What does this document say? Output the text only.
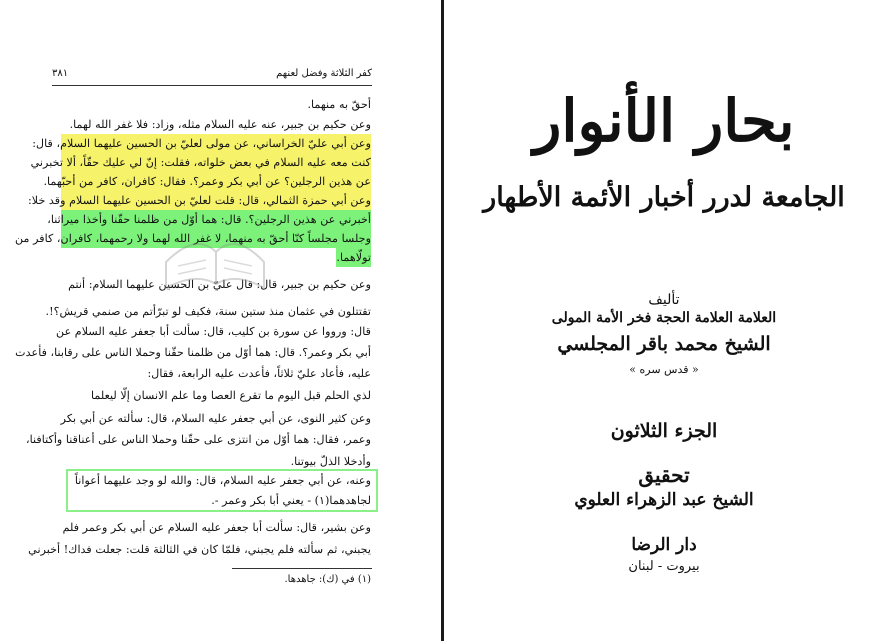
٣٨١	كفر الثلاثة وفضل لعنهم
أحقّ به منهما.
وعن حكيم بن جبير، عنه عليه السلام مثله، وزاد: فلا غفر الله لهما.
وعن أبي عليّ الخراساني، عن مولى لعليّ بن الحسين عليهما السلام، قال:
كنت معه عليه السلام في بعض خلواته، فقلت: إنّ لي عليك حقّاً، ألا تخبرني
عن هذين الرجلين؟ عن أبي بكر وعمر؟. فقال: كافران، كافر من أحبّهما.
وعن أبي حمزة الثمالي، قال: قلت لعليّ بن الحسين عليهما السلام وقد خلا:
أخبرني عن هذين الرجلين؟. قال: هما أوّل من ظلمنا حقّنا وأخذا ميراثنا،
وجلسا مجلساً كنّا أحقّ به منهما، لا غفر الله لهما ولا رحمهما، كافران، كافر من
تولّاهما.
وعن حكيم بن جبير، قال: قال عليّ بن الحسين عليهما السلام: أنتم
تقتتلون في عثمان منذ ستين سنة، فكيف لو تبرّأتم من صنمي قريش؟!.
قال: ورووا عن سورة بن كليب، قال: سألت أبا جعفر عليه السلام عن
أبي بكر وعمر؟. قال: هما أوّل من ظلمنا حقّنا وحملا الناس على رقابنا، فأعدت
عليه، فأعاد عليّ ثلاثاً، فأعدت عليه الرابعة، فقال:
لذي الحلم قبل اليوم ما تقرع العصا وما علم الانسان إلّا ليعلما
وعن كثير النوى، عن أبي جعفر عليه السلام، قال: سألته عن أبي بكر
وعمر، فقال: هما أوّل من انتزى على حقّنا وحملا الناس على أعناقنا وأكتافنا،
وأدخلا الذلّ بيوتنا.
وعنه، عن أبي جعفر عليه السلام، قال: والله لو وجد عليهما أعواناً
لجاهدهما(١) - يعني أبا بكر وعمر -.
وعن بشير، قال: سألت أبا جعفر عليه السلام عن أبي بكر وعمر فلم
يجبني، ثم سألته فلم يجبني، فلمّا كان في الثالثة قلت: جعلت فداك! أخبرني
(١) في (ك): جاهدها.
بحار الأنوار
الجامعة لدرر أخبار الأئمة الأطهار
تأليف
العلامة العلامة الحجة فخر الأمة المولى
الشيخ محمد باقر المجلسي
« قدس سره »
الجزء الثلاثون
تحقيق
الشيخ عبد الزهراء العلوي
دار الرضا
بيروت - لبنان
